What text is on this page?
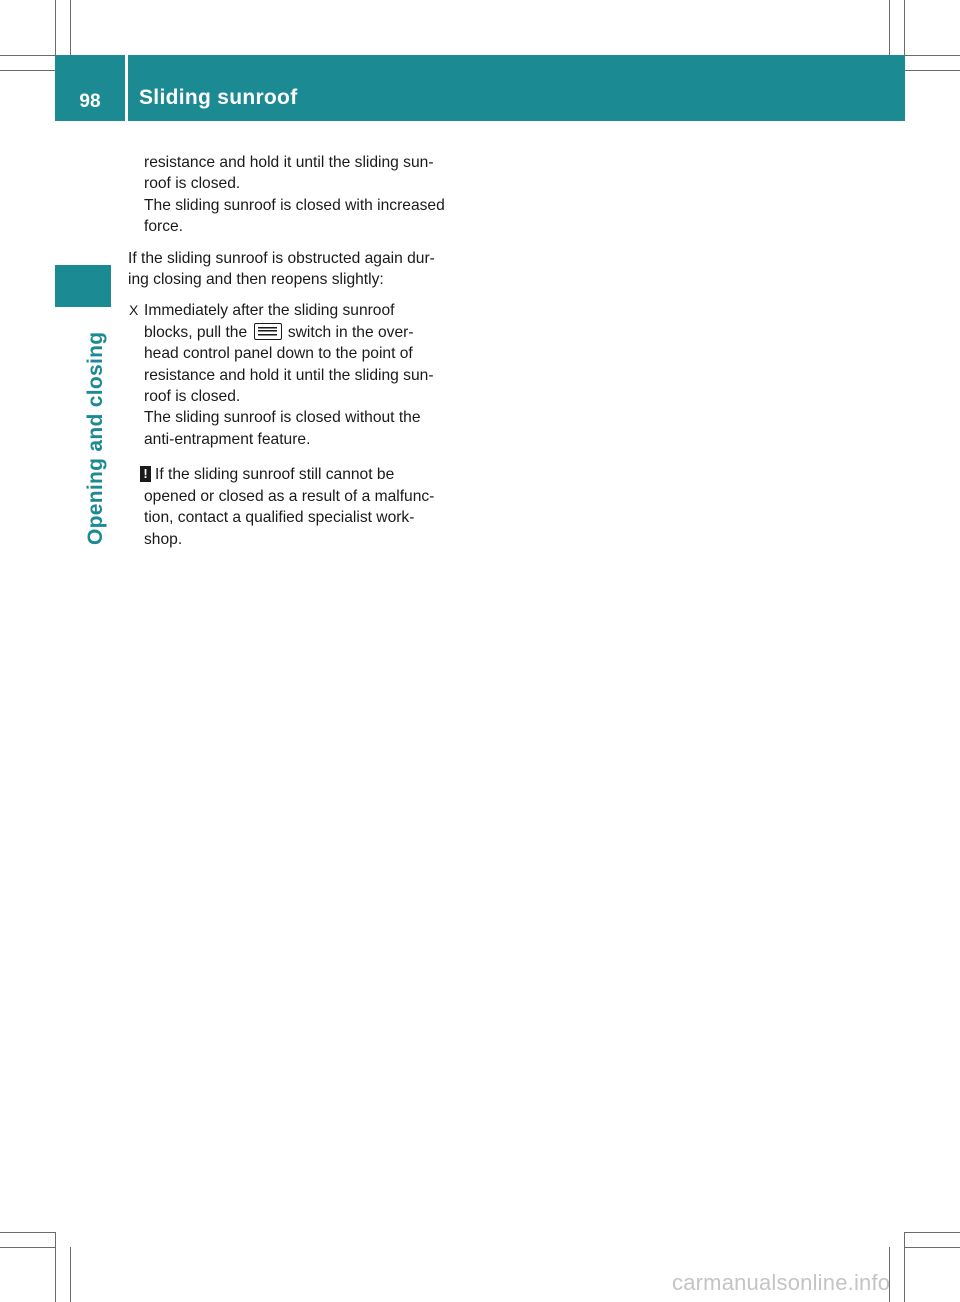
98	Sliding sunroof
Opening and closing

resistance and hold it until the sliding sun-

roof is closed.

The sliding sunroof is closed with increased

force.

If the sliding sunroof is obstructed again dur-

ing closing and then reopens slightly:

X Immediately after the sliding sunroof

blocks, pull the	switch in the over-

head control panel down to the point of

resistance and hold it until the sliding sun-

roof is closed.

The sliding sunroof is closed without the

anti-entrapment feature.

! If the sliding sunroof still cannot be

opened or closed as a result of a malfunc-

tion, contact a qualified specialist work-

shop.

carmanualsonline.info
